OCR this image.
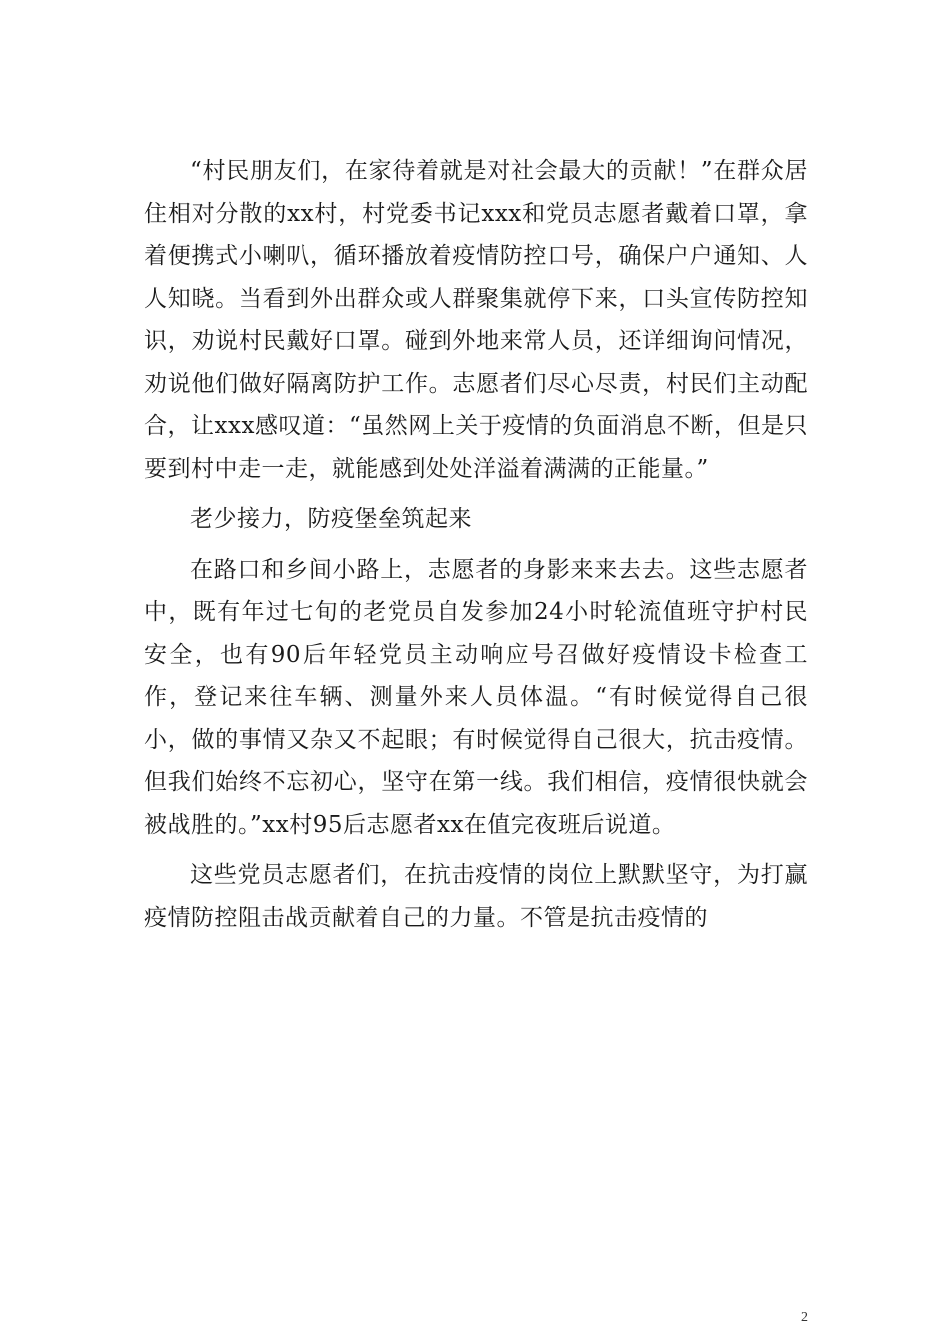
“村民朋友们，在家待着就是对社会最大的贡献！”在群众居住相对分散的xx村，村党委书记xxx和党员志愿者戴着口罩，拿着便携式小喇叭，循环播放着疫情防控口号，确保户户通知、人人知晓。当看到外出群众或人群聚集就停下来，口头宣传防控知识，劝说村民戴好口罩。碰到外地来常人员，还详细询问情况，劝说他们做好隔离防护工作。志愿者们尽心尽责，村民们主动配合，让xxx感叹道：“虽然网上关于疫情的负面消息不断，但是只要到村中走一走，就能感到处处洋溢着满满的正能量。”

老少接力，防疫堡垒筑起来

在路口和乡间小路上，志愿者的身影来来去去。这些志愿者中，既有年过七旬的老党员自发参加24小时轮流值班守护村民安全，也有90后年轻党员主动响应号召做好疫情设卡检查工作，登记来往车辆、测量外来人员体温。“有时候觉得自己很小，做的事情又杂又不起眼；有时候觉得自己很大，抗击疫情。但我们始终不忘初心，坚守在第一线。我们相信，疫情很快就会被战胜的。”xx村95后志愿者xx在值完夜班后说道。

这些党员志愿者们，在抗击疫情的岗位上默默坚守，为打赢疫情防控阻击战贡献着自己的力量。不管是抗击疫情的

2
